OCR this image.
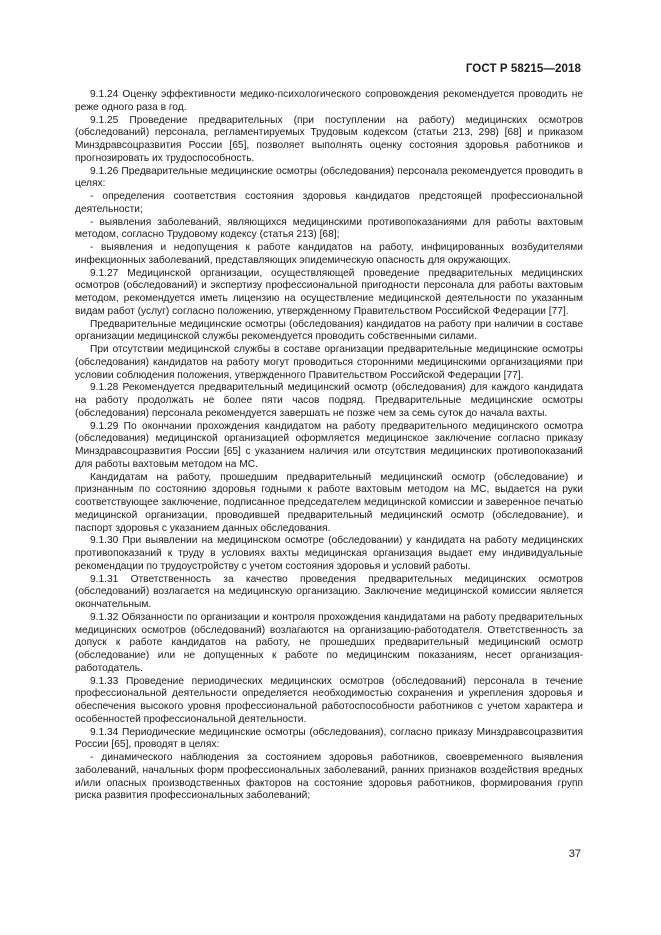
ГОСТ Р 58215—2018

9.1.24 Оценку эффективности медико-психологического сопровождения рекомендуется проводить не реже одного раза в год.

9.1.25 Проведение предварительных (при поступлении на работу) медицинских осмотров (обследований) персонала, регламентируемых Трудовым кодексом (статьи 213, 298) [68] и приказом Минздравсоцразвития России [65], позволяет выполнять оценку состояния здоровья работников и прогнозировать их трудоспособность.

9.1.26 Предварительные медицинские осмотры (обследования) персонала рекомендуется проводить в целях:

- определения соответствия состояния здоровья кандидатов предстоящей профессиональной деятельности;

- выявления заболеваний, являющихся медицинскими противопоказаниями для работы вахтовым методом, согласно Трудовому кодексу (статья 213) [68];

- выявления и недопущения к работе кандидатов на работу, инфицированных возбудителями инфекционных заболеваний, представляющих эпидемическую опасность для окружающих.

9.1.27 Медицинской организации, осуществляющей проведение предварительных медицинских осмотров (обследований) и экспертизу профессиональной пригодности персонала для работы вахтовым методом, рекомендуется иметь лицензию на осуществление медицинской деятельности по указанным видам работ (услуг) согласно положению, утвержденному Правительством Российской Федерации [77].

Предварительные медицинские осмотры (обследования) кандидатов на работу при наличии в составе организации медицинской службы рекомендуется проводить собственными силами.

При отсутствии медицинской службы в составе организации предварительные медицинские осмотры (обследования) кандидатов на работу могут проводиться сторонними медицинскими организациями при условии соблюдения положения, утвержденного Правительством Российской Федерации [77].

9.1.28 Рекомендуется предварительный медицинский осмотр (обследования) для каждого кандидата на работу продолжать не более пяти часов подряд. Предварительные медицинские осмотры (обследования) персонала рекомендуется завершать не позже чем за семь суток до начала вахты.

9.1.29 По окончании прохождения кандидатом на работу предварительного медицинского осмотра (обследования) медицинской организацией оформляется медицинское заключение согласно приказу Минздравсоцразвития России [65] с указанием наличия или отсутствия медицинских противопоказаний для работы вахтовым методом на МС.

Кандидатам на работу, прошедшим предварительный медицинский осмотр (обследование) и признанным по состоянию здоровья годными к работе вахтовым методом на МС, выдается на руки соответствующее заключение, подписанное председателем медицинской комиссии и заверенное печатью медицинской организации, проводившей предварительный медицинский осмотр (обследование), и паспорт здоровья с указанием данных обследования.

9.1.30 При выявлении на медицинском осмотре (обследовании) у кандидата на работу медицинских противопоказаний к труду в условиях вахты медицинская организация выдает ему индивидуальные рекомендации по трудоустройству с учетом состояния здоровья и условий работы.

9.1.31 Ответственность за качество проведения предварительных медицинских осмотров (обследований) возлагается на медицинскую организацию. Заключение медицинской комиссии является окончательным.

9.1.32 Обязанности по организации и контроля прохождения кандидатами на работу предварительных медицинских осмотров (обследований) возлагаются на организацию-работодателя. Ответственность за допуск к работе кандидатов на работу, не прошедших предварительный медицинский осмотр (обследование) или не допущенных к работе по медицинским показаниям, несет организация-работодатель.

9.1.33 Проведение периодических медицинских осмотров (обследований) персонала в течение профессиональной деятельности определяется необходимостью сохранения и укрепления здоровья и обеспечения высокого уровня профессиональной работоспособности работников с учетом характера и особенностей профессиональной деятельности.

9.1.34 Периодические медицинские осмотры (обследования), согласно приказу Минздравсоцразвития России [65], проводят в целях:

- динамического наблюдения за состоянием здоровья работников, своевременного выявления заболеваний, начальных форм профессиональных заболеваний, ранних признаков воздействия вредных и/или опасных производственных факторов на состояние здоровья работников, формирования групп риска развития профессиональных заболеваний;

37
